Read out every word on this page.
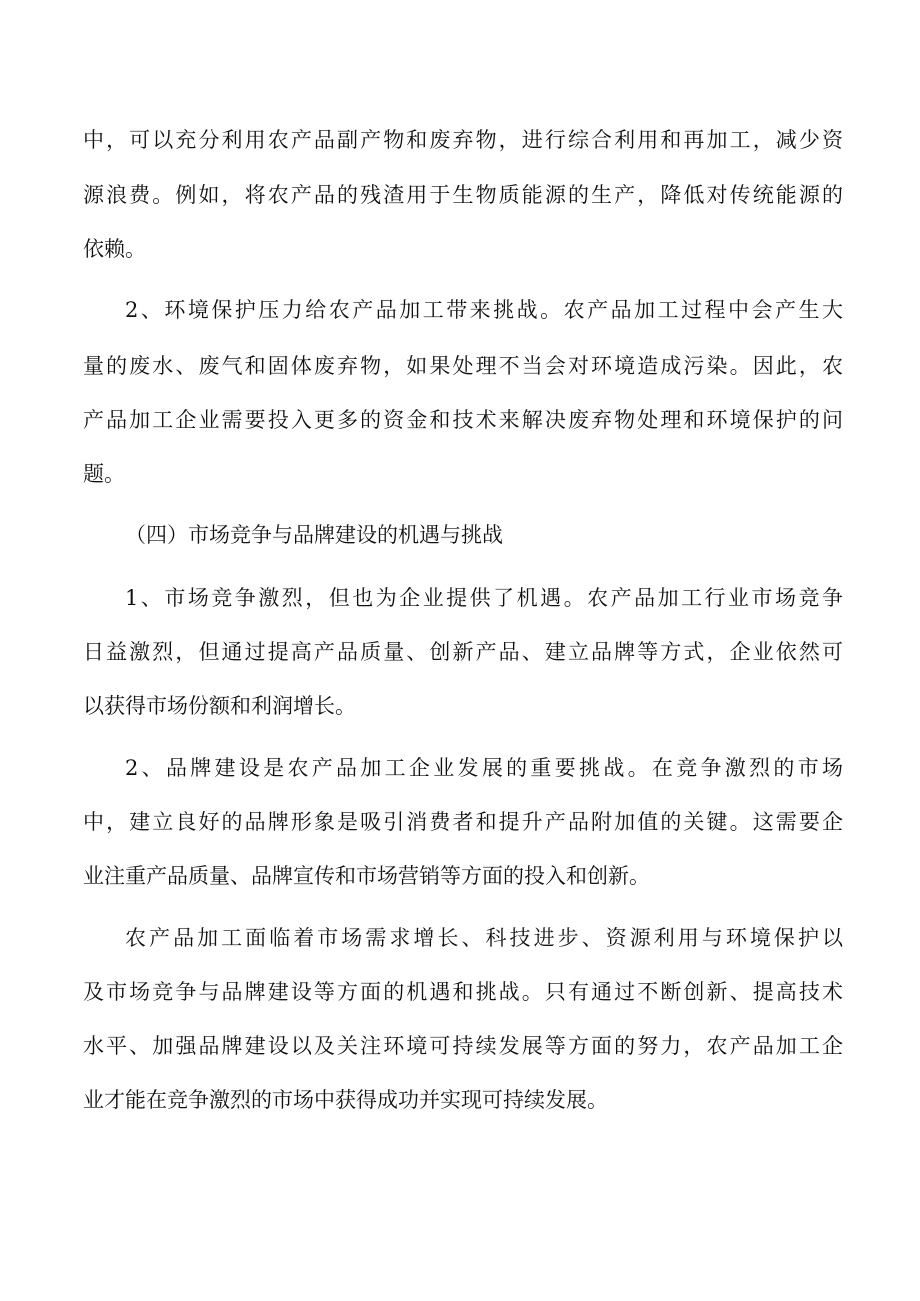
中，可以充分利用农产品副产物和废弃物，进行综合利用和再加工，减少资
源浪费。例如，将农产品的残渣用于生物质能源的生产，降低对传统能源的
依赖。
2、环境保护压力给农产品加工带来挑战。农产品加工过程中会产生大
量的废水、废气和固体废弃物，如果处理不当会对环境造成污染。因此，农
产品加工企业需要投入更多的资金和技术来解决废弃物处理和环境保护的问
题。
（四）市场竞争与品牌建设的机遇与挑战
1、市场竞争激烈，但也为企业提供了机遇。农产品加工行业市场竞争
日益激烈，但通过提高产品质量、创新产品、建立品牌等方式，企业依然可
以获得市场份额和利润增长。
2、品牌建设是农产品加工企业发展的重要挑战。在竞争激烈的市场
中，建立良好的品牌形象是吸引消费者和提升产品附加值的关键。这需要企
业注重产品质量、品牌宣传和市场营销等方面的投入和创新。
农产品加工面临着市场需求增长、科技进步、资源利用与环境保护以
及市场竞争与品牌建设等方面的机遇和挑战。只有通过不断创新、提高技术
水平、加强品牌建设以及关注环境可持续发展等方面的努力，农产品加工企
业才能在竞争激烈的市场中获得成功并实现可持续发展。
